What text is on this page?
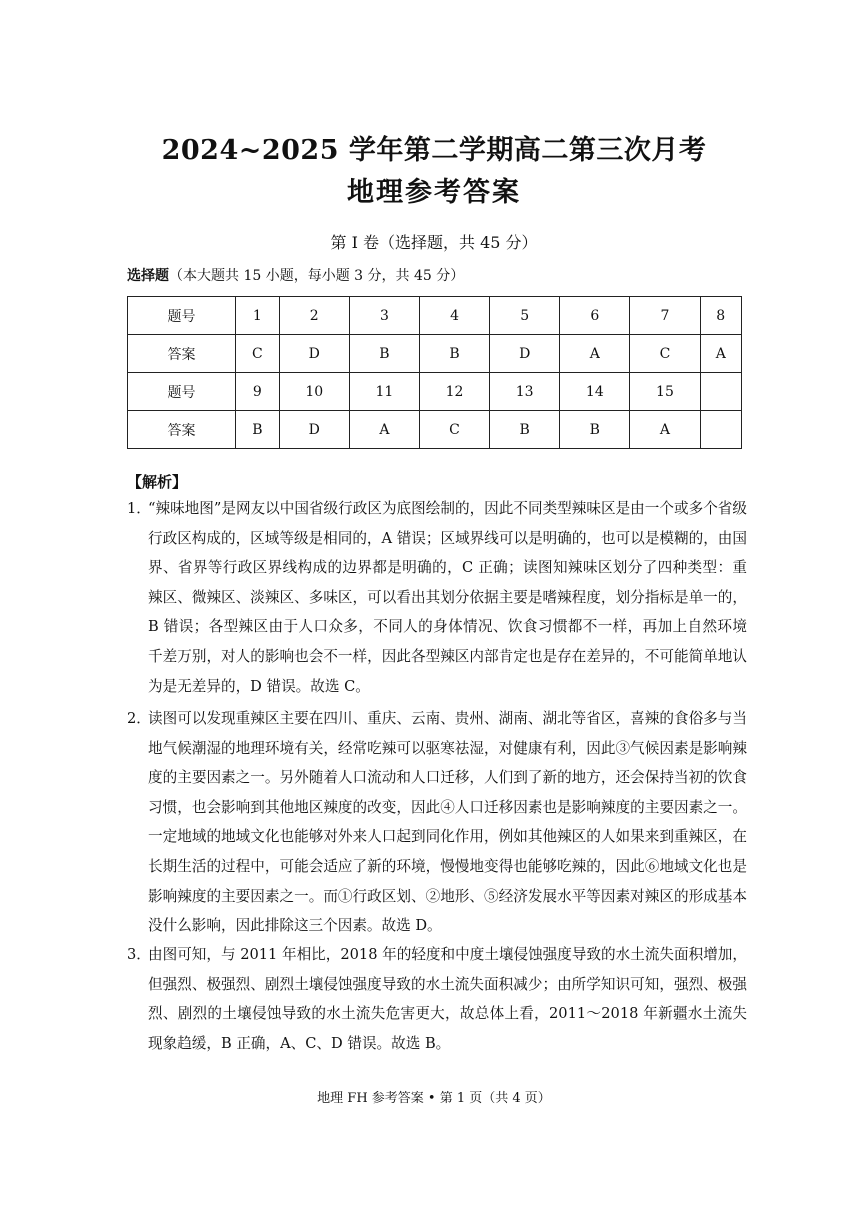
2024~2025 学年第二学期高二第三次月考
地理参考答案
第 I 卷（选择题，共 45 分）
选择题（本大题共 15 小题，每小题 3 分，共 45 分）
题号	1	2	3	4	5	6	7	8
答案	C	D	B	B	D	A	C	A
题号	9	10	11	12	13	14	15	
答案	B	D	A	C	B	B	A	
【解析】
1．
“辣味地图”是网友以中国省级行政区为底图绘制的，因此不同类型辣味区是由一个或多个省级行政区构成的，区域等级是相同的，A 错误；区域界线可以是明确的，也可以是模糊的，由国界、省界等行政区界线构成的边界都是明确的，C 正确；读图知辣味区划分了四种类型：重辣区、微辣区、淡辣区、多味区，可以看出其划分依据主要是嗜辣程度，划分指标是单一的，B 错误；各型辣区由于人口众多，不同人的身体情况、饮食习惯都不一样，再加上自然环境千差万别，对人的影响也会不一样，因此各型辣区内部肯定也是存在差异的，不可能简单地认为是无差异的，D 错误。故选 C。
2．
读图可以发现重辣区主要在四川、重庆、云南、贵州、湖南、湖北等省区，喜辣的食俗多与当地气候潮湿的地理环境有关，经常吃辣可以驱寒祛湿，对健康有利，因此③气候因素是影响辣度的主要因素之一。另外随着人口流动和人口迁移，人们到了新的地方，还会保持当初的饮食习惯，也会影响到其他地区辣度的改变，因此④人口迁移因素也是影响辣度的主要因素之一。一定地域的地域文化也能够对外来人口起到同化作用，例如其他辣区的人如果来到重辣区，在长期生活的过程中，可能会适应了新的环境，慢慢地变得也能够吃辣的，因此⑥地域文化也是影响辣度的主要因素之一。而①行政区划、②地形、⑤经济发展水平等因素对辣区的形成基本没什么影响，因此排除这三个因素。故选 D。
3．
由图可知，与 2011 年相比，2018 年的轻度和中度土壤侵蚀强度导致的水土流失面积增加，但强烈、极强烈、剧烈土壤侵蚀强度导致的水土流失面积减少；由所学知识可知，强烈、极强烈、剧烈的土壤侵蚀导致的水土流失危害更大，故总体上看，2011～2018 年新疆水土流失现象趋缓，B 正确，A、C、D 错误。故选 B。
地理 FH 参考答案 • 第 1 页（共 4 页）
